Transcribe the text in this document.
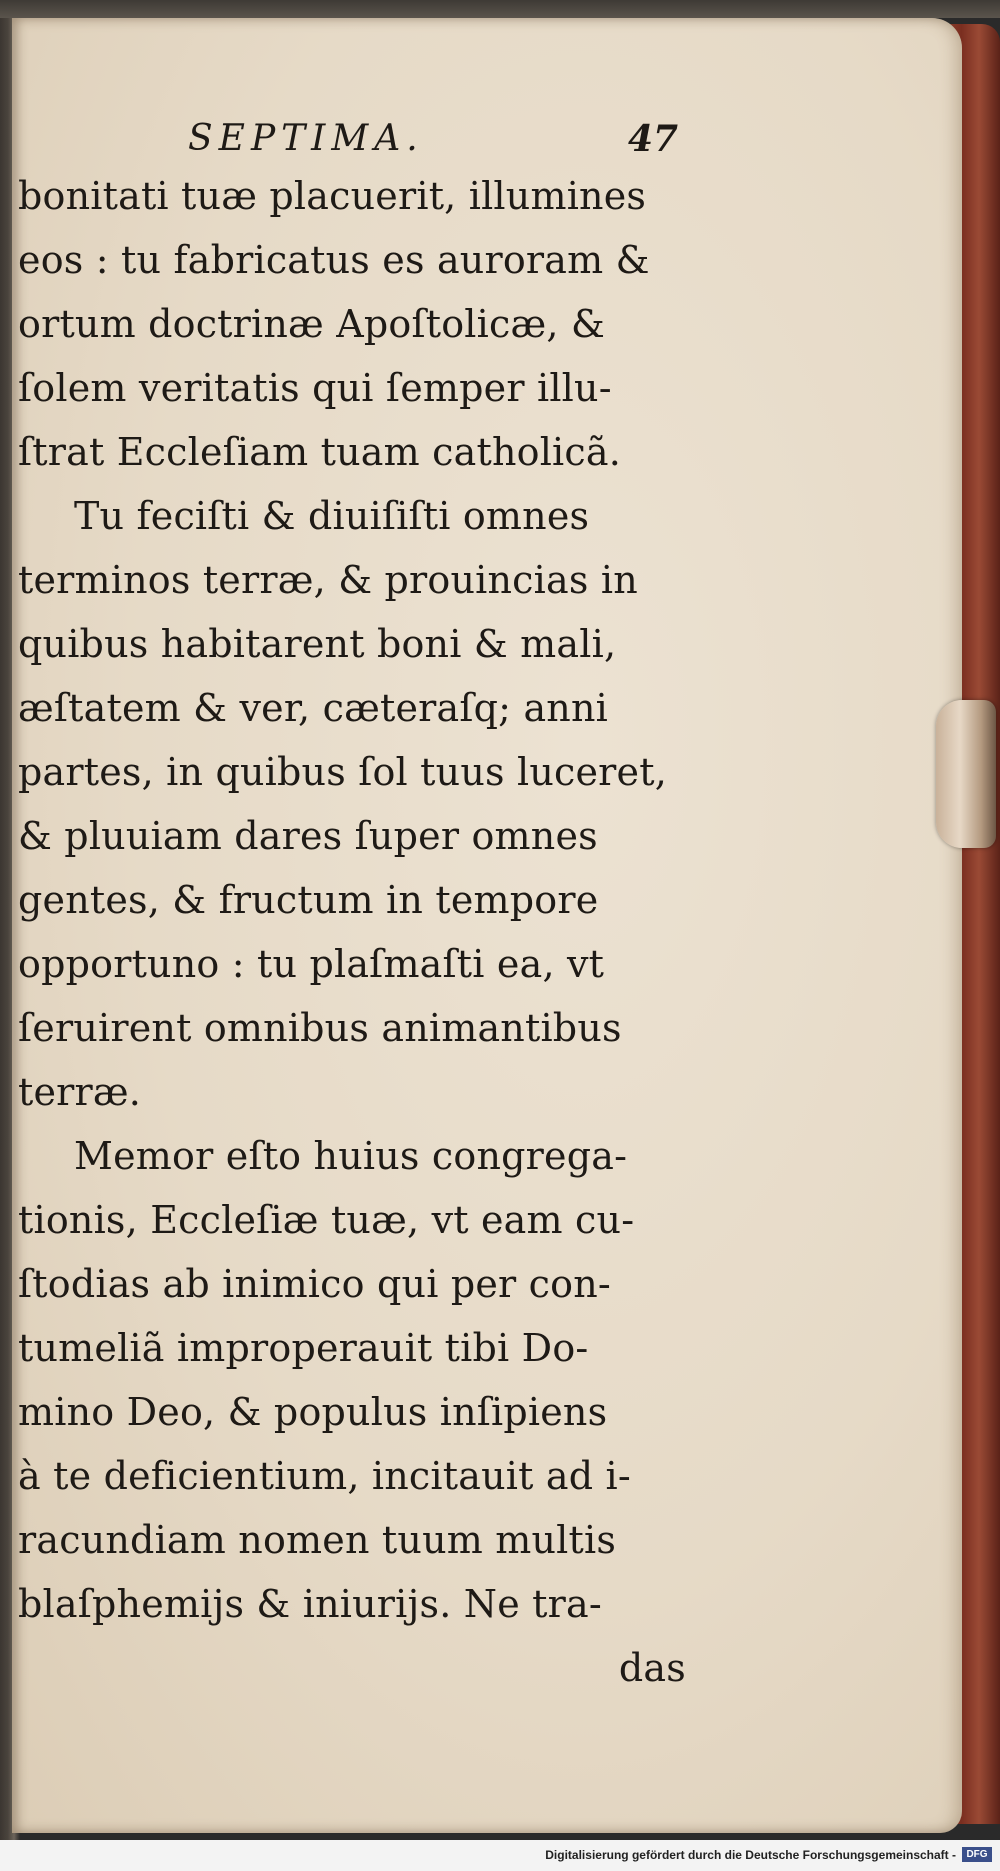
SEPTIMA.	47
bonitati tuæ placuerit, illumines
eos : tu fabricatus es auroram &
ortum doctrinæ Apoſtolicæ, &
ſolem veritatis qui ſemper illu-
ſtrat Eccleſiam tuam catholicã.
Tu feciſti & diuiſiſti omnes
terminos terræ, & prouincias in
quibus habitarent boni & mali,
æſtatem & ver, cæteraſq; anni
partes, in quibus ſol tuus luceret,
& pluuiam dares ſuper omnes
gentes, & fructum in tempore
opportuno : tu plaſmaſti ea, vt
ſeruirent omnibus animantibus
terræ.
Memor eſto huius congrega-
tionis, Eccleſiæ tuæ, vt eam cu-
ſtodias ab inimico qui per con-
tumeliã improperauit tibi Do-
mino Deo, & populus inſipiens
à te deficientium, incitauit ad i-
racundiam nomen tuum multis
blaſphemijs & iniurijs. Ne tra-
das
Digitalisierung gefördert durch die Deutsche Forschungsgemeinschaft -	DFG
